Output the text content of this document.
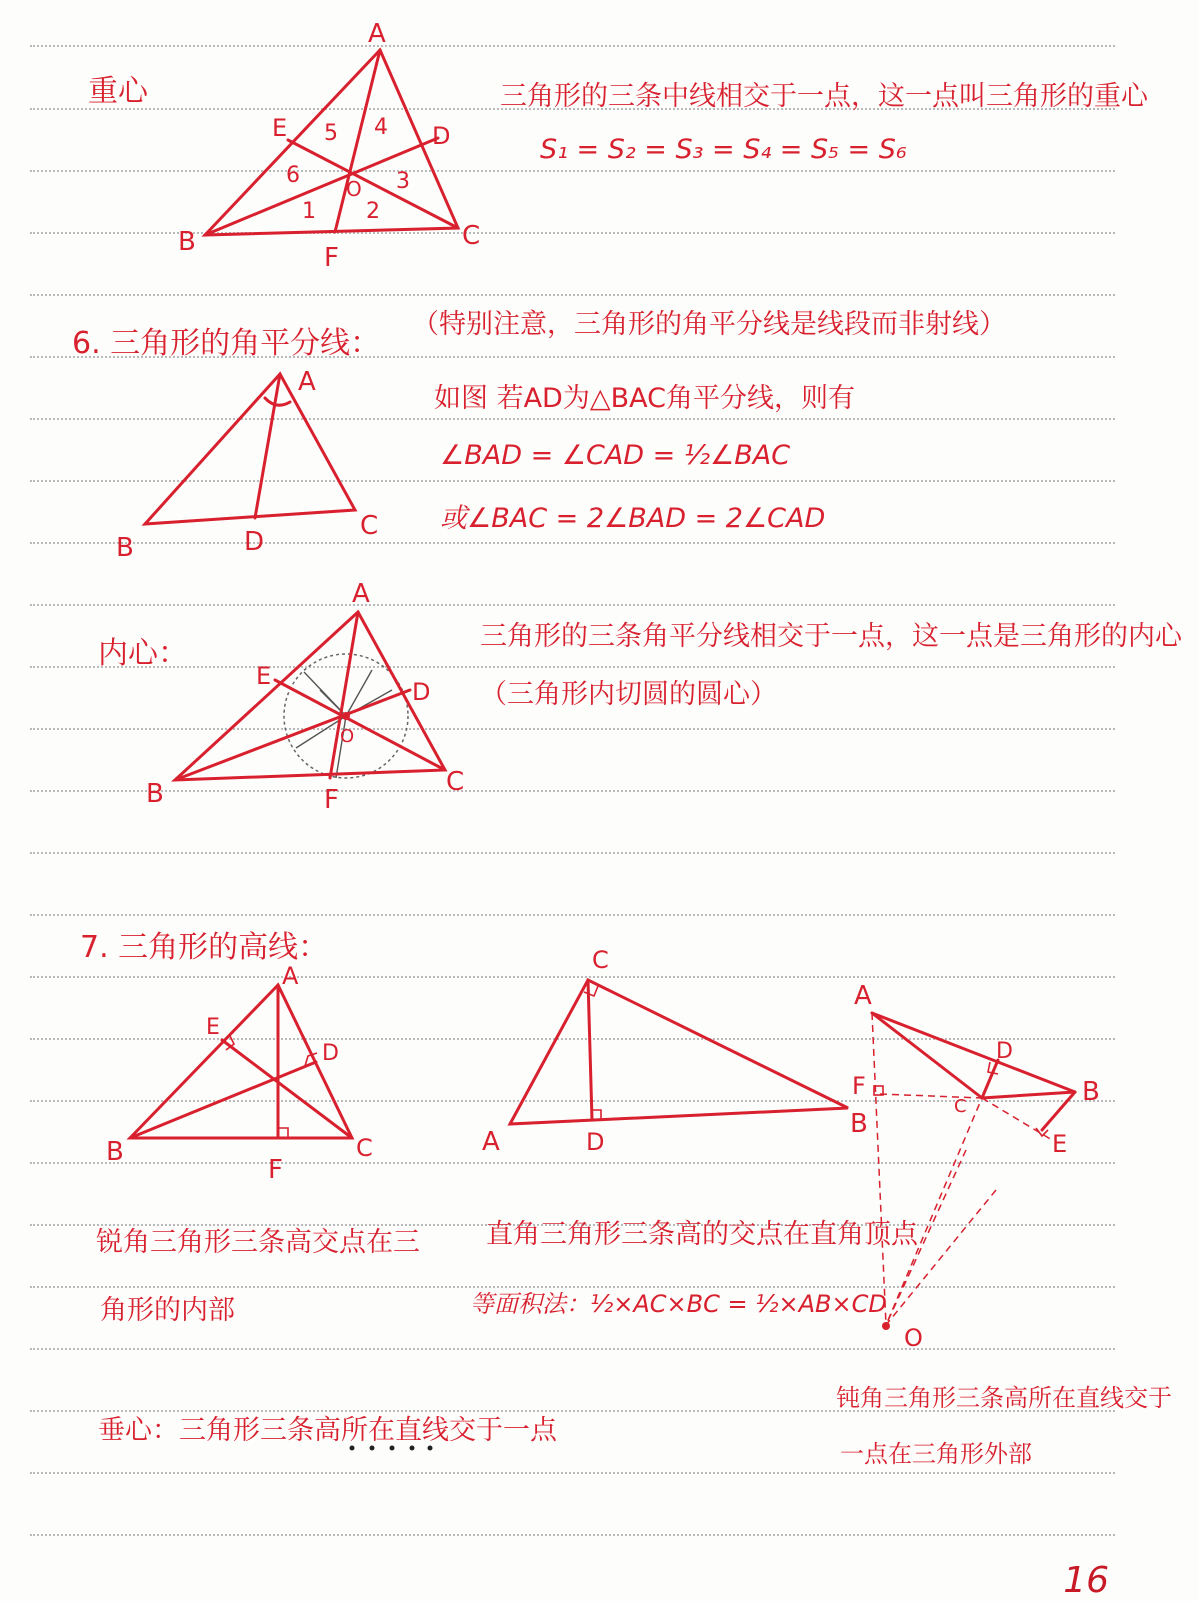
重心	三角形的三条中线相交于一点，这一点叫三角形的重心
S₁ = S₂ = S₃ = S₄ = S₅ = S₆
A
B	C
D
E
F
O
1 2
3
4
5
6
6. 三角形的角平分线：
（特别注意，三角形的角平分线是线段而非射线）
如图 若AD为△BAC角平分线，则有
∠BAD = ∠CAD = ½∠BAC
或∠BAC = 2∠BAD = 2∠CAD
A
B
C
D
内心：	三角形的三条角平分线相交于一点，这一点是三角形的内心
（三角形内切圆的圆心）
A
B	C
D
E
F
O
7. 三角形的高线：
A
B	C
D
E
F
C
A
B
D
A
B
C
D
E
F
O
锐角三角形三条高交点在三
角形的内部
直角三角形三条高的交点在直角顶点
等面积法：½×AC×BC = ½×AB×CD
钝角三角形三条高所在直线交于
一点在三角形外部
垂心：三角形三条高所在直线交于一点
16
